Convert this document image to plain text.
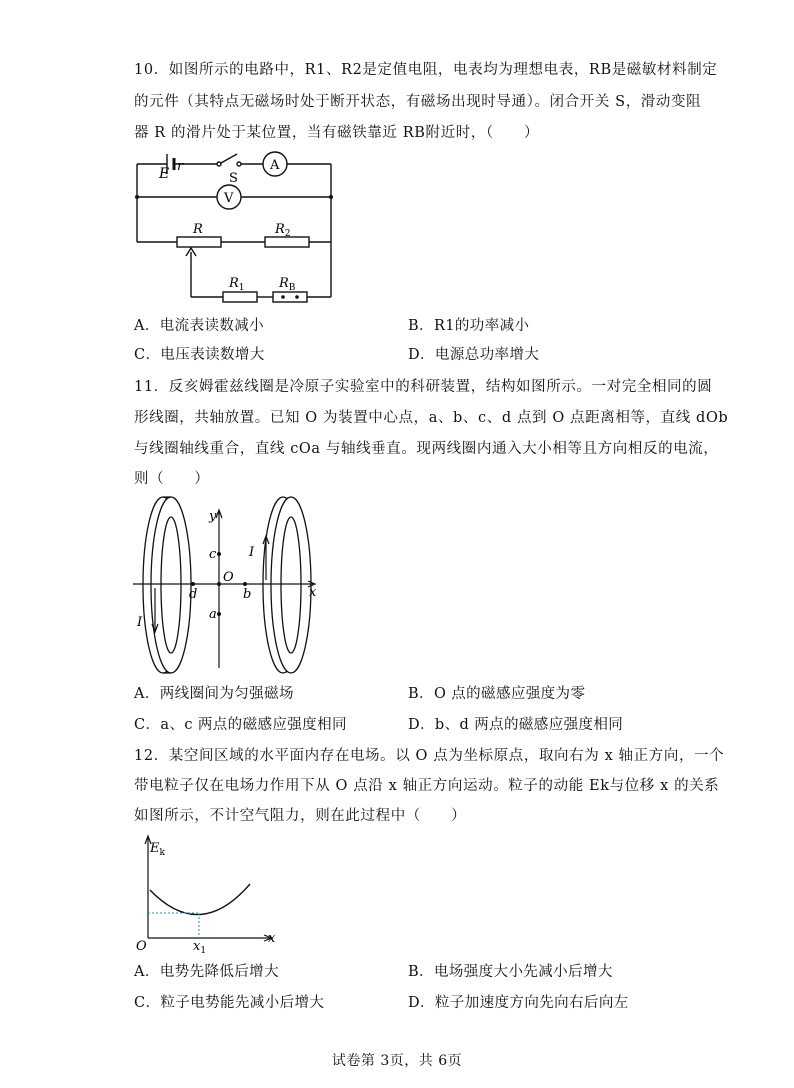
10．如图所示的电路中，R1、R2是定值电阻，电表均为理想电表，RB是磁敏材料制定
的元件（其特点无磁场时处于断开状态，有磁场出现时导通）。闭合开关 S，滑动变阻
器 R 的滑片处于某位置，当有磁铁靠近 RB附近时，（　　）
E r
S
A
V
R	$R_2$
$R_1$	$R_B$
A．电流表读数减小	B．R1的功率减小
C．电压表读数增大	D．电源总功率增大
11．反亥姆霍兹线圈是冷原子实验室中的科研装置，结构如图所示。一对完全相同的圆
形线圈，共轴放置。已知 O 为装置中心点，a、b、c、d 点到 O 点距离相等，直线 dOb
与线圈轴线重合，直线 cOa 与轴线垂直。现两线圈内通入大小相等且方向相反的电流，
则（　　）
y
x
O
c
a
d	b
I
I
A．两线圈间为匀强磁场	B．O 点的磁感应强度为零
C．a、c 两点的磁感应强度相同	D．b、d 两点的磁感应强度相同
12．某空间区域的水平面内存在电场。以 O 点为坐标原点，取向右为 x 轴正方向，一个
带电粒子仅在电场力作用下从 O 点沿 x 轴正方向运动。粒子的动能 Ek与位移 x 的关系
如图所示，不计空气阻力，则在此过程中（　　）
$E_k$
O
x
$x_1$
A．电势先降低后增大	B．电场强度大小先减小后增大
C．粒子电势能先减小后增大	D．粒子加速度方向先向右后向左
试卷第 3页，共 6页
